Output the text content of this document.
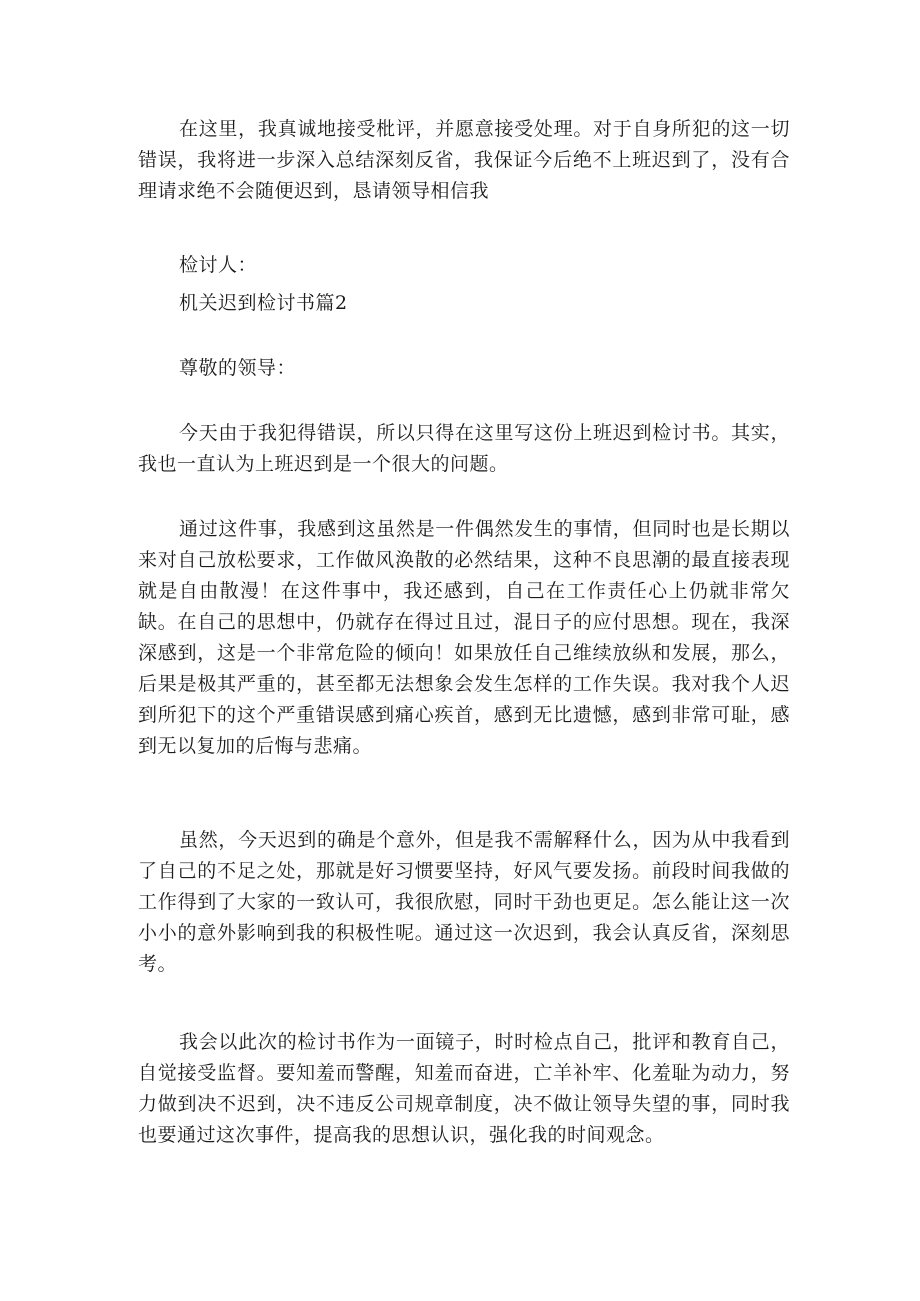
在这里，我真诚地接受枇评，并愿意接受处理。对于自身所犯的这一切错误，我将进一步深入总结深刻反省，我保证今后绝不上班迟到了，没有合理请求绝不会随便迟到，恳请领导相信我

检讨人：

机关迟到检讨书篇2

尊敬的领导：

今天由于我犯得错误，所以只得在这里写这份上班迟到检讨书。其实，我也一直认为上班迟到是一个很大的问题。

通过这件事，我感到这虽然是一件偶然发生的事情，但同时也是长期以来对自己放松要求，工作做风涣散的必然结果，这种不良思潮的最直接表现就是自由散漫！在这件事中，我还感到，自己在工作责任心上仍就非常欠缺。在自己的思想中，仍就存在得过且过，混日子的应付思想。现在，我深深感到，这是一个非常危险的倾向！如果放任自己维续放纵和发展，那么，后果是极其严重的，甚至都无法想象会发生怎样的工作失误。我对我个人迟到所犯下的这个严重错误感到痛心疾首，感到无比遗憾，感到非常可耻，感到无以复加的后悔与悲痛。

虽然，今天迟到的确是个意外，但是我不需解释什么，因为从中我看到了自己的不足之处，那就是好习惯要坚持，好风气要发扬。前段时间我做的工作得到了大家的一致认可，我很欣慰，同时干劲也更足。怎么能让这一次小小的意外影响到我的积极性呢。通过这一次迟到，我会认真反省，深刻思考。

我会以此次的检讨书作为一面镜子，时时检点自己，批评和教育自己，自觉接受监督。要知羞而警醒，知羞而奋进，亡羊补牢、化羞耻为动力，努力做到决不迟到，决不违反公司规章制度，决不做让领导失望的事，同时我也要通过这次事件，提高我的思想认识，强化我的时间观念。
